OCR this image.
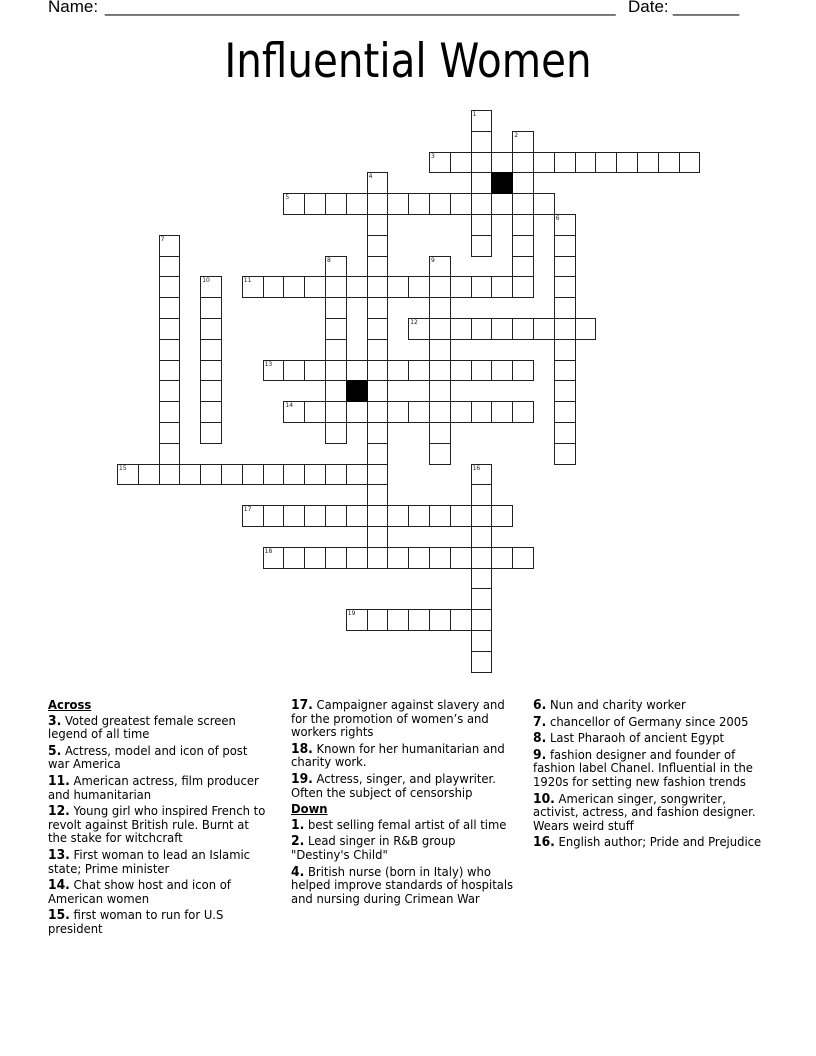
Name: ______________________________________________________ Date: _______
Influential Women
1
2
3
4
5
6
7
8	9
10	11
12
13
14
15	16
17
18
19
Across
3. Voted greatest female screen legend of all time
5. Actress, model and icon of post war America
11. American actress, film producer and humanitarian
12. Young girl who inspired French to revolt against British rule. Burnt at the stake for witchcraft
13. First woman to lead an Islamic state; Prime minister
14. Chat show host and icon of American women
15. first woman to run for U.S president
17. Campaigner against slavery and for the promotion of women’s and workers rights
18. Known for her humanitarian and charity work.
19. Actress, singer, and playwriter. Often the subject of censorship
Down
1. best selling femal artist of all time
2. Lead singer in R&B group "Destiny's Child"
4. British nurse (born in Italy) who helped improve standards of hospitals and nursing during Crimean War
6. Nun and charity worker
7. chancellor of Germany since 2005
8. Last Pharaoh of ancient Egypt
9. fashion designer and founder of fashion label Chanel. Influential in the 1920s for setting new fashion trends
10. American singer, songwriter, activist, actress, and fashion designer. Wears weird stuff
16. English author; Pride and Prejudice
